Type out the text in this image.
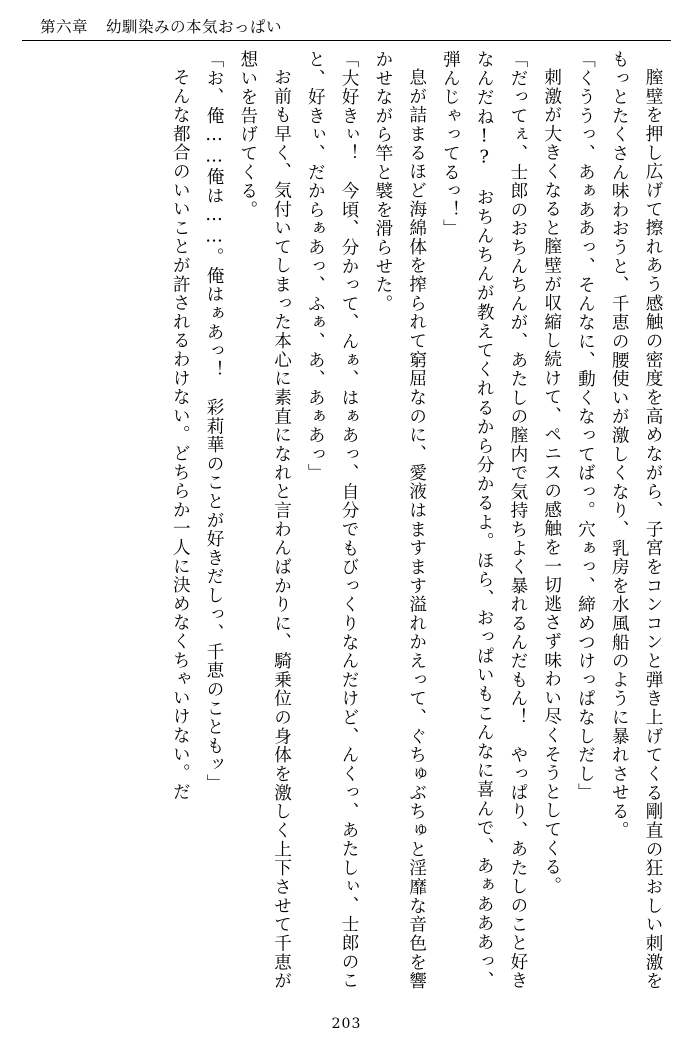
第六章 幼馴染みの本気おっぱい

膣壁を押し広げて擦れあう感触の密度を高めながら、子宮をコンコンと弾き上げてくる剛直の狂おしい刺激をもっとたくさん味わおうと、千恵の腰使いが激しくなり、乳房を水風船のように暴れさせる。

「くううっ、あぁああっ、そんなに、動くなってばっ。穴ぁっ、締めつけっぱなしだし」

刺激が大きくなると膣壁が収縮し続けて、ペニスの感触を一切逃さず味わい尽くそうとしてくる。

「だってぇ、士郎のおちんちんが、あたしの膣内で気持ちよく暴れるんだもん！　やっぱり、あたしのこと好きなんだね!?　おちんちんが教えてくれるから分かるよ。ほら、おっぱいもこんなに喜んで、あぁあああっ、弾んじゃってるっ！」

息が詰まるほど海綿体を搾られて窮屈なのに、愛液はますます溢れかえって、ぐちゅぶちゅと淫靡な音色を響かせながら竿と襞を滑らせた。

「大好きぃ！　今頃、分かって、んぁ、はぁあっ、自分でもびっくりなんだけど、んくっ、あたしぃ、士郎のこと、好きぃ、だからぁあっ、ふぁ、あ、あぁあっ」

お前も早く、気付いてしまった本心に素直になれと言わんばかりに、騎乗位の身体を激しく上下させて千恵が想いを告げてくる。

「お、俺……俺は……。俺はぁあっ！　彩莉華のことが好きだしっ、千恵のこともッ」

そんな都合のいいことが許されるわけない。どちらか一人に決めなくちゃいけない。だ

203
